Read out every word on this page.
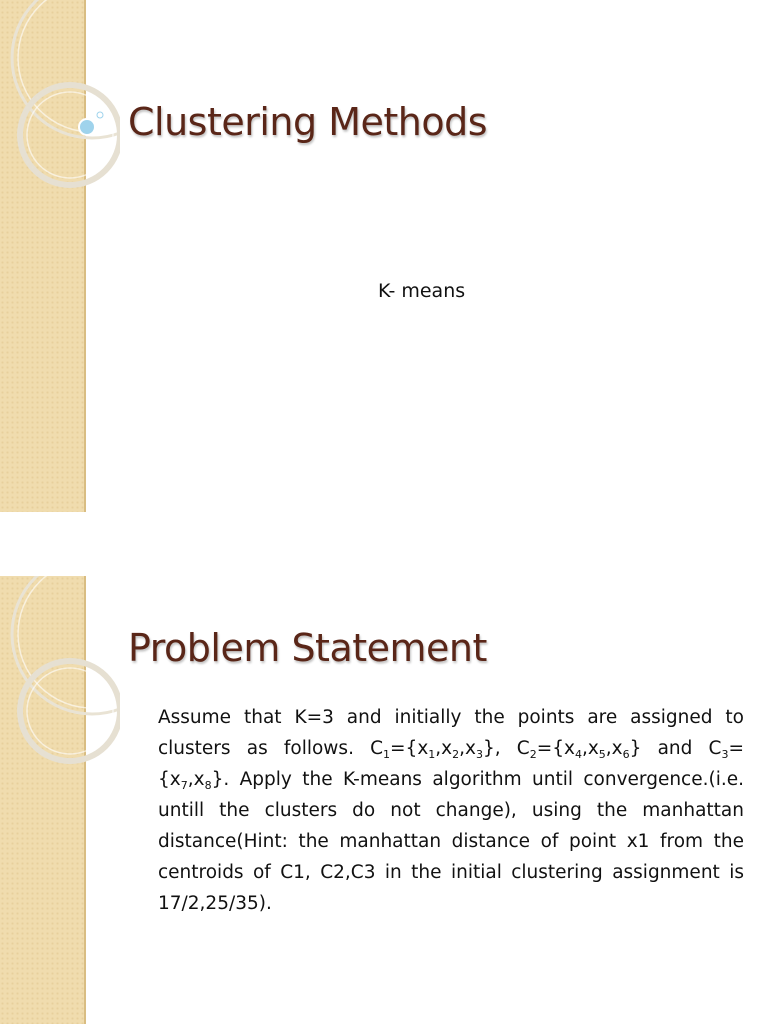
Clustering Methods
K- means
Problem Statement

Assume that K=3 and initially the points are assigned to clusters as follows. $C_1=\{x_1,x_2,x_3\}$, $C_2=\{x_4,x_5,x_6\}$ and $C_3=\{x_7,x_8\}$. Apply the K-means algorithm until convergence.(i.e. untill the clusters do not change), using the manhattan distance(Hint: the manhattan distance of point x1 from the centroids of C1, C2,C3 in the initial clustering assignment is 17/2,25/35).
